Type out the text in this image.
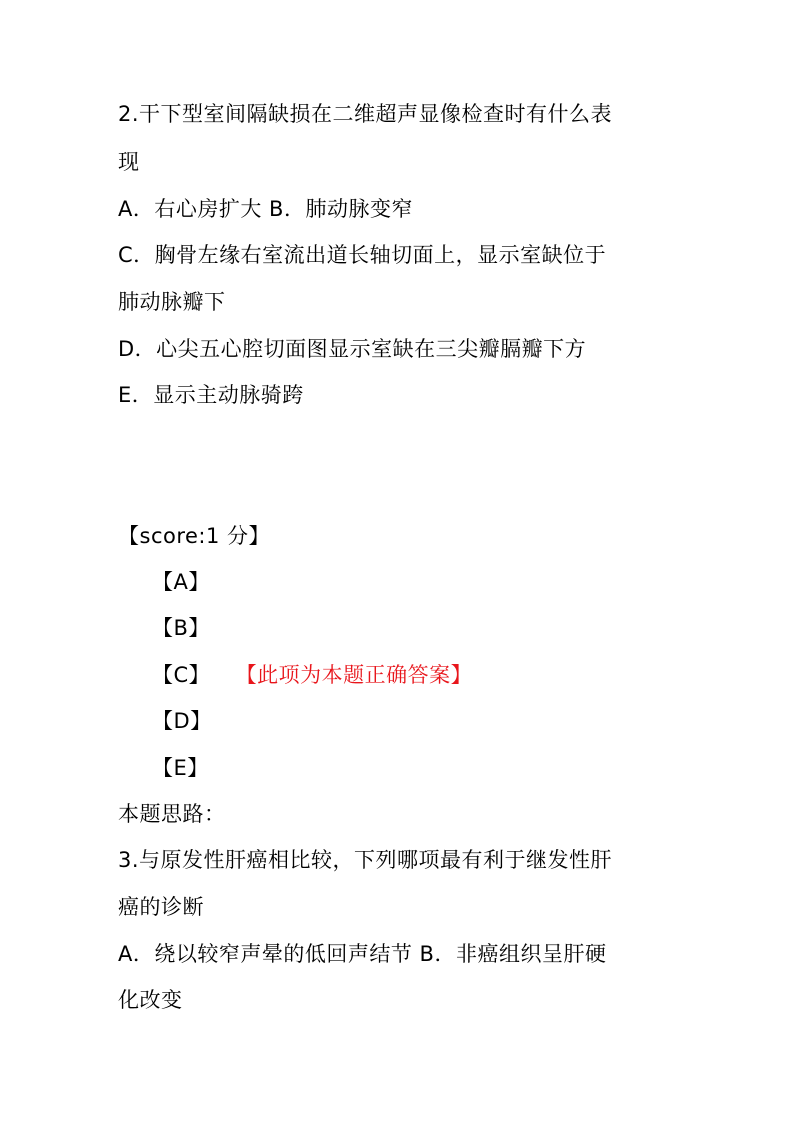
2.干下型室间隔缺损在二维超声显像检查时有什么表
现
A．右心房扩大 B．肺动脉变窄
C．胸骨左缘右室流出道长轴切面上，显示室缺位于
肺动脉瓣下
D．心尖五心腔切面图显示室缺在三尖瓣膈瓣下方
E．显示主动脉骑跨
【score:1 分】
【A】
【B】
【C】 【此项为本题正确答案】
【D】
【E】
本题思路：
3.与原发性肝癌相比较，下列哪项最有利于继发性肝
癌的诊断
A．绕以较窄声晕的低回声结节 B．非癌组织呈肝硬
化改变
